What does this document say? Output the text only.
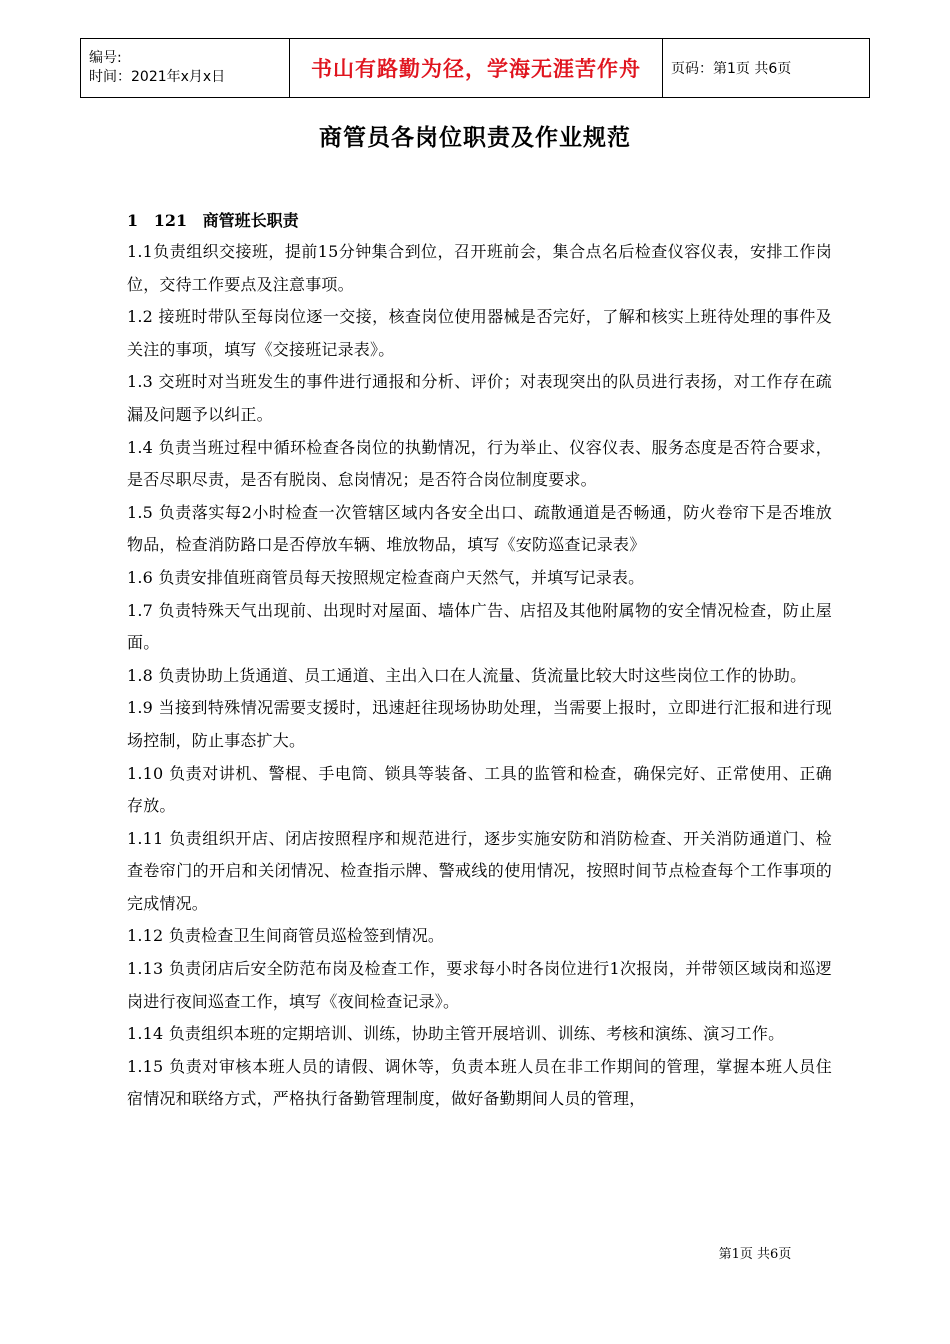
编号:
时间：2021年x月x日	书山有路勤为径，学海无涯苦作舟	页码：第1页 共6页
商管员各岗位职责及作业规范
1 121 商管班长职责

1.1负责组织交接班，提前15分钟集合到位，召开班前会，集合点名后检查仪容仪表，安排工作岗位，交待工作要点及注意事项。

1.2 接班时带队至每岗位逐一交接，核查岗位使用器械是否完好，了解和核实上班待处理的事件及关注的事项，填写《交接班记录表》。

1.3 交班时对当班发生的事件进行通报和分析、评价；对表现突出的队员进行表扬，对工作存在疏漏及问题予以纠正。

1.4 负责当班过程中循环检查各岗位的执勤情况，行为举止、仪容仪表、服务态度是否符合要求，是否尽职尽责，是否有脱岗、怠岗情况；是否符合岗位制度要求。

1.5 负责落实每2小时检查一次管辖区域内各安全出口、疏散通道是否畅通，防火卷帘下是否堆放物品，检查消防路口是否停放车辆、堆放物品，填写《安防巡查记录表》

1.6 负责安排值班商管员每天按照规定检查商户天然气，并填写记录表。

1.7 负责特殊天气出现前、出现时对屋面、墙体广告、店招及其他附属物的安全情况检查，防止屋面。

1.8 负责协助上货通道、员工通道、主出入口在人流量、货流量比较大时这些岗位工作的协助。

1.9 当接到特殊情况需要支援时，迅速赶往现场协助处理，当需要上报时，立即进行汇报和进行现场控制，防止事态扩大。

1.10 负责对讲机、警棍、手电筒、锁具等装备、工具的监管和检查，确保完好、正常使用、正确存放。

1.11 负责组织开店、闭店按照程序和规范进行，逐步实施安防和消防检查、开关消防通道门、检查卷帘门的开启和关闭情况、检查指示牌、警戒线的使用情况，按照时间节点检查每个工作事项的完成情况。

1.12 负责检查卫生间商管员巡检签到情况。

1.13 负责闭店后安全防范布岗及检查工作，要求每小时各岗位进行1次报岗，并带领区域岗和巡逻岗进行夜间巡查工作，填写《夜间检查记录》。

1.14 负责组织本班的定期培训、训练，协助主管开展培训、训练、考核和演练、演习工作。

1.15 负责对审核本班人员的请假、调休等，负责本班人员在非工作期间的管理，掌握本班人员住宿情况和联络方式，严格执行备勤管理制度，做好备勤期间人员的管理，

第1页 共6页
